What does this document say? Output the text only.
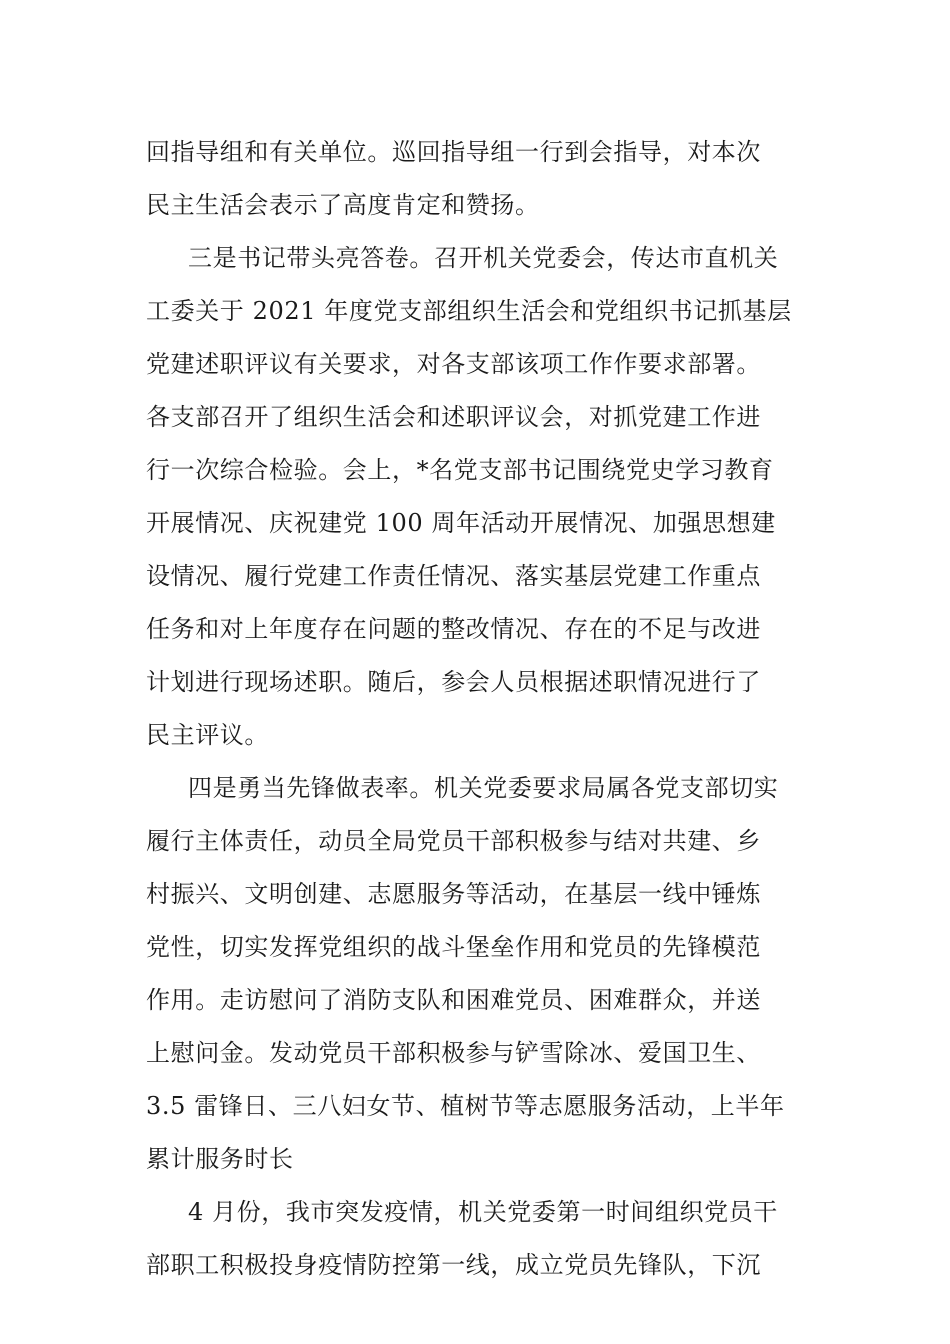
回指导组和有关单位。巡回指导组一行到会指导，对本次
民主生活会表示了高度肯定和赞扬。
三是书记带头亮答卷。召开机关党委会，传达市直机关
工委关于 2021 年度党支部组织生活会和党组织书记抓基层
党建述职评议有关要求，对各支部该项工作作要求部署。
各支部召开了组织生活会和述职评议会，对抓党建工作进
行一次综合检验。会上，*名党支部书记围绕党史学习教育
开展情况、庆祝建党 100 周年活动开展情况、加强思想建
设情况、履行党建工作责任情况、落实基层党建工作重点
任务和对上年度存在问题的整改情况、存在的不足与改进
计划进行现场述职。随后，参会人员根据述职情况进行了
民主评议。
四是勇当先锋做表率。机关党委要求局属各党支部切实
履行主体责任，动员全局党员干部积极参与结对共建、乡
村振兴、文明创建、志愿服务等活动，在基层一线中锤炼
党性，切实发挥党组织的战斗堡垒作用和党员的先锋模范
作用。走访慰问了消防支队和困难党员、困难群众，并送
上慰问金。发动党员干部积极参与铲雪除冰、爱国卫生、
3.5 雷锋日、三八妇女节、植树节等志愿服务活动，上半年
累计服务时长
4 月份，我市突发疫情，机关党委第一时间组织党员干
部职工积极投身疫情防控第一线，成立党员先锋队，下沉
